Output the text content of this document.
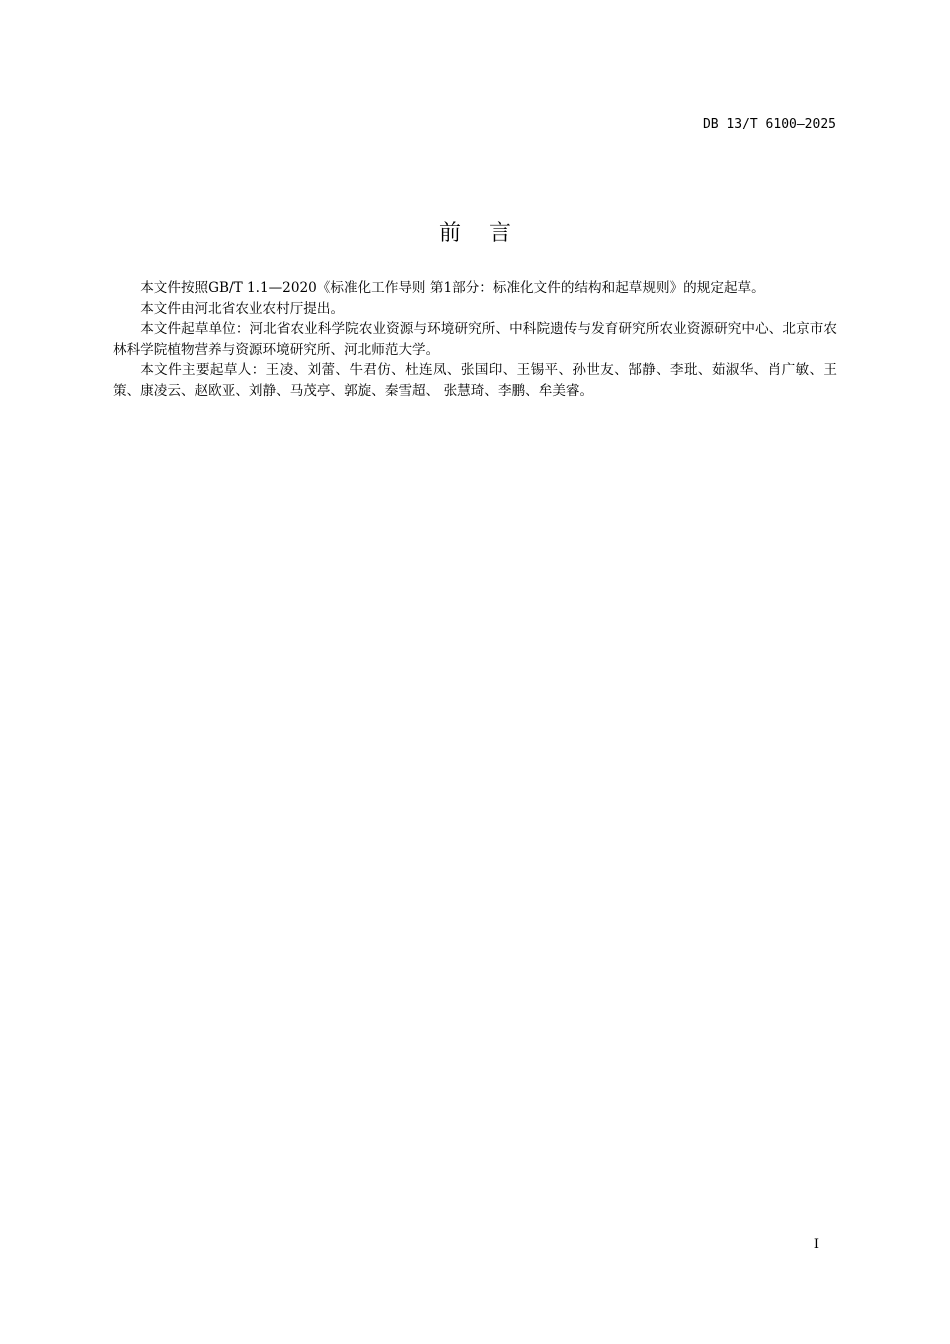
DB 13/T 6100—2025
前    言

本文件按照GB/T 1.1—2020《标准化工作导则 第1部分：标准化文件的结构和起草规则》的规定起草。

本文件由河北省农业农村厅提出。

本文件起草单位：河北省农业科学院农业资源与环境研究所、中科院遗传与发育研究所农业资源研究中心、北京市农林科学院植物营养与资源环境研究所、河北师范大学。

本文件主要起草人：王凌、刘蕾、牛君仿、杜连凤、张国印、王锡平、孙世友、郜静、李玭、茹淑华、肖广敏、王策、康凌云、赵欧亚、刘静、马茂亭、郭旋、秦雪超、 张慧琦、李鹏、牟美睿。

I
